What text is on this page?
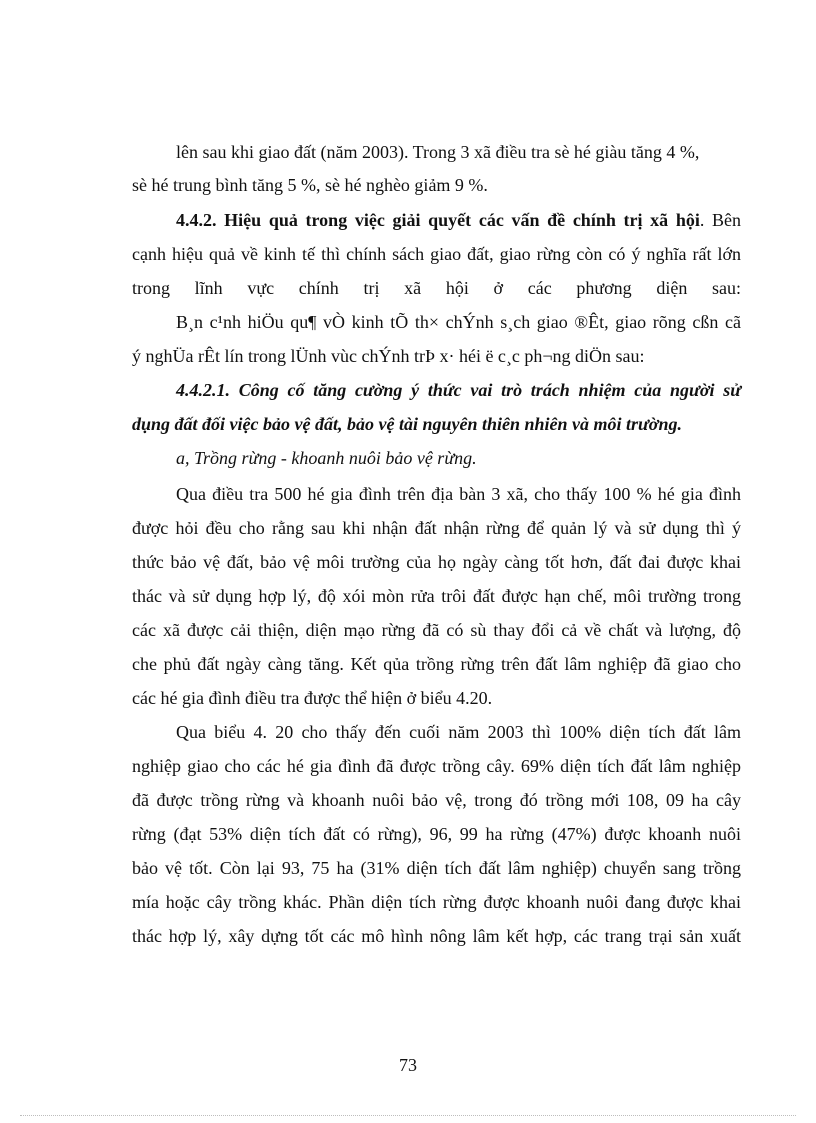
lên sau khi giao đất (năm 2003). Trong 3 xã điều tra sè hé giàu tăng 4 %,
sè hé trung bình tăng 5 %, sè hé nghèo giảm 9 %.
4.4.2. Hiệu quả trong việc giải quyết các vấn đề chính trị xã hội. Bên
cạnh hiệu quả về kinh tế thì chính sách giao đất, giao rừng còn có ý nghĩa rất lớn
trong lĩnh vực chính trị xã hội ở các phương diện sau:
B¸n c¹nh hiÖu qu¶ vÒ kinh tÕ th× chÝnh s¸ch giao ®Êt, giao rõng cßn cã
ý nghÜa rÊt lín trong lÜnh vùc chÝnh trÞ x· héi ë c¸c ph¬ng diÖn sau:
4.4.2.1. Công cố tăng cường ý thức vai trò trách nhiệm của người sử
dụng đất đối việc bảo vệ đất, bảo vệ tài nguyên thiên nhiên và môi trường.
a, Trồng rừng - khoanh nuôi bảo vệ rừng.
Qua điều tra 500 hé gia đình trên địa bàn 3 xã, cho thấy 100 % hé gia đình
được hỏi đều cho rằng sau khi nhận đất nhận rừng để quản lý và sử dụng thì ý
thức bảo vệ đất, bảo vệ môi trường của họ ngày càng tốt hơn, đất đai được khai
thác và sử dụng hợp lý, độ xói mòn rửa trôi đất được hạn chế, môi trường trong
các xã được cải thiện, diện mạo rừng đã có sù thay đổi cả về chất và lượng, độ
che phủ đất ngày càng tăng. Kết qủa trồng rừng trên đất lâm nghiệp đã giao cho
các hé gia đình điều tra được thể hiện ở biểu 4.20.
Qua biểu 4. 20 cho thấy đến cuối năm 2003 thì 100% diện tích đất lâm
nghiệp giao cho các hé gia đình đã được trồng cây. 69% diện tích đất lâm nghiệp
đã được trồng rừng và khoanh nuôi bảo vệ, trong đó trồng mới 108, 09 ha cây
rừng (đạt 53% diện tích đất có rừng), 96, 99 ha rừng (47%) được khoanh nuôi
bảo vệ tốt. Còn lại 93, 75 ha (31% diện tích đất lâm nghiệp) chuyển sang trồng
mía hoặc cây trồng khác. Phần diện tích rừng được khoanh nuôi đang được khai
thác hợp lý, xây dựng tốt các mô hình nông lâm kết hợp, các trang trại sản xuất
73
